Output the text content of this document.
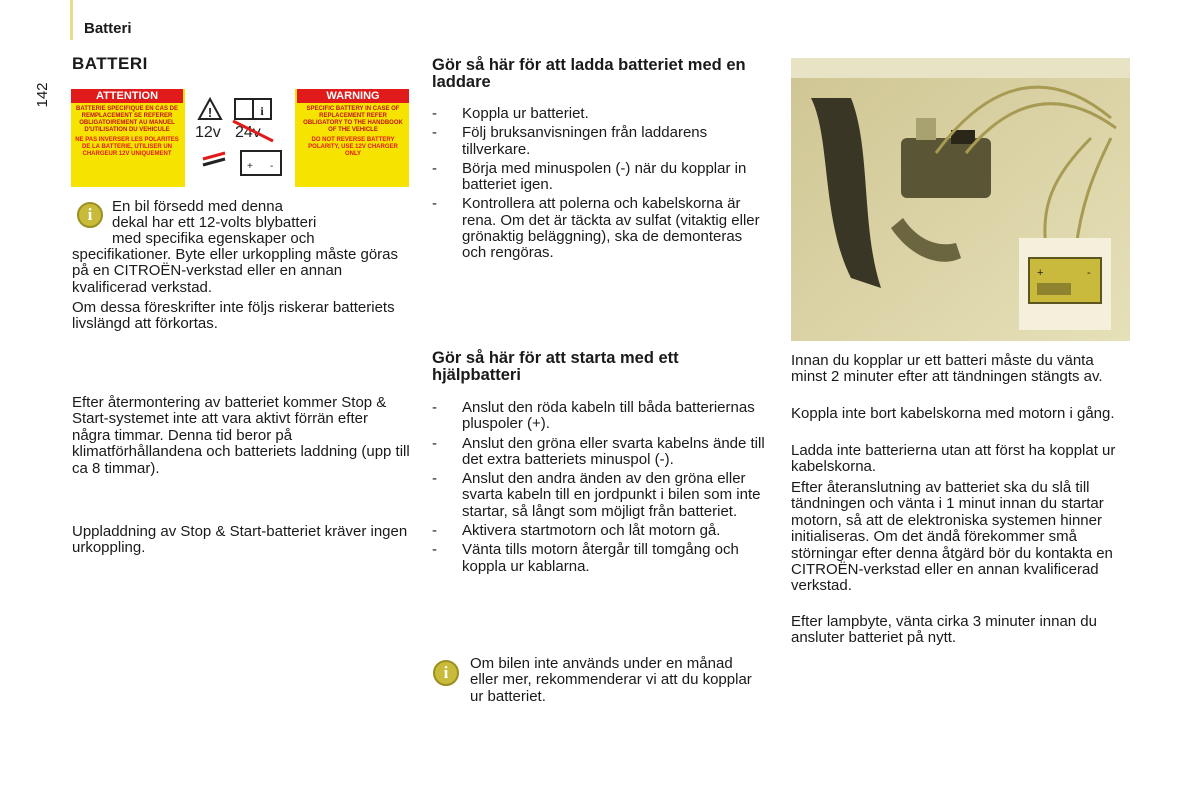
Batteri
142
BATTERI
ATTENTION
BATTERIE SPECIFIQUE EN CAS DE REMPLACEMENT SE REFERER OBLIGATOIREMENT AU MANUEL D'UTILISATION DU VEHICULE
NE PAS INVERSER LES POLARITES DE LA BATTERIE, UTILISER UN CHARGEUR 12V UNIQUEMENT
!	i
12v 24v
+ -
WARNING
SPECIFIC BATTERY IN CASE OF REPLACEMENT REFER OBLIGATORY TO THE HANDBOOK OF THE VEHICLE
DO NOT REVERSE BATTERY POLARITY, USE 12V CHARGER ONLY
i	En bil försedd med denna
dekal har ett 12-volts blybatteri
med specifika egenskaper och
specifikationer. Byte eller urkoppling måste göras på en CITROËN-verkstad eller en annan kvalificerad verkstad.
Om dessa föreskrifter inte följs riskerar batteriets livslängd att förkortas.
Efter återmontering av batteriet kommer Stop & Start-systemet inte att vara aktivt förrän efter några timmar. Denna tid beror på klimatförhållandena och batteriets laddning (upp till ca 8 timmar).
Uppladdning av Stop & Start-batteriet kräver ingen urkoppling.
Gör så här för att ladda batteriet med en laddare
- Koppla ur batteriet.
- Följ bruksanvisningen från laddarens tillverkare.
- Börja med minuspolen (-) när du kopplar in batteriet igen.
- Kontrollera att polerna och kabelskorna är rena. Om det är täckta av sulfat (vitaktig eller grönaktig beläggning), ska de demonteras och rengöras.
Gör så här för att starta med ett hjälpbatteri
- Anslut den röda kabeln till båda batteriernas pluspoler (+).
- Anslut den gröna eller svarta kabelns ände till det extra batteriets minuspol (-).
- Anslut den andra änden av den gröna eller svarta kabeln till en jordpunkt i bilen som inte startar, så långt som möjligt från batteriet.
- Aktivera startmotorn och låt motorn gå.
- Vänta tills motorn återgår till tomgång och koppla ur kablarna.
i	Om bilen inte används under en månad eller mer, rekommenderar vi att du kopplar ur batteriet.
+	-
Innan du kopplar ur ett batteri måste du vänta minst 2 minuter efter att tändningen stängts av.
Koppla inte bort kabelskorna med motorn i gång.
Ladda inte batterierna utan att först ha kopplat ur kabelskorna.
Efter återanslutning av batteriet ska du slå till tändningen och vänta i 1 minut innan du startar motorn, så att de elektroniska systemen hinner initialiseras. Om det ändå förekommer små störningar efter denna åtgärd bör du kontakta en CITROËN-verkstad eller en annan kvalificerad verkstad.
Efter lampbyte, vänta cirka 3 minuter innan du ansluter batteriet på nytt.
